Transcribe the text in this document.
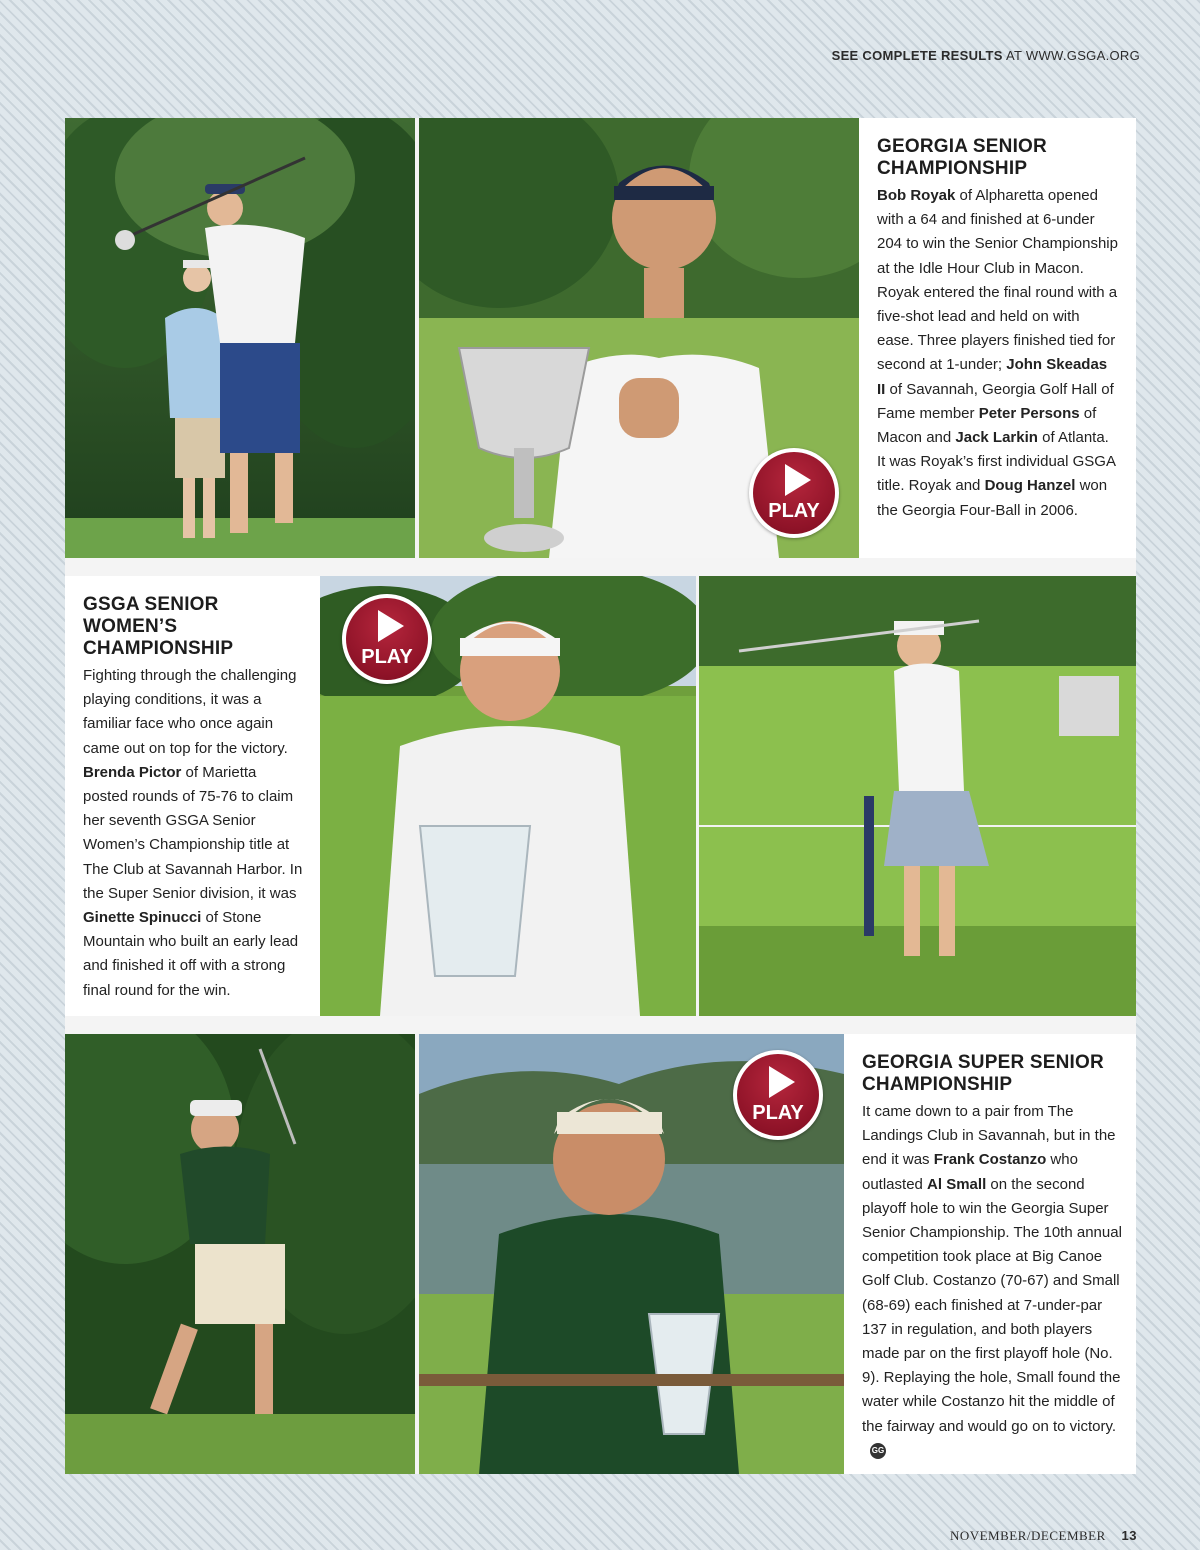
SEE COMPLETE RESULTS AT WWW.GSGA.ORG
PLAY
GEORGIA SENIOR
CHAMPIONSHIP
Bob Royak of Alpharetta opened with a 64 and finished at 6-under 204 to win the Senior Championship at the Idle Hour Club in Macon. Royak entered the final round with a five-shot lead and held on with ease. Three players finished tied for second at 1-under; John Skeadas II of Savannah, Georgia Golf Hall of Fame member Peter Persons of Macon and Jack Larkin of Atlanta. It was Royak’s first individual GSGA title. Royak and Doug Hanzel won the Georgia Four-Ball in 2006.
GSGA SENIOR
WOMEN’S
CHAMPIONSHIP
Fighting through the challenging playing conditions, it was a familiar face who once again came out on top for the victory. Brenda Pictor of Marietta posted rounds of 75-76 to claim her seventh GSGA Senior Women’s Championship title at The Club at Savannah Harbor. In the Super Senior division, it was Ginette Spinucci of Stone Mountain who built an early lead and finished it off with a strong final round for the win.
PLAY
PLAY
GEORGIA SUPER SENIOR
CHAMPIONSHIP
It came down to a pair from The Landings Club in Savannah, but in the end it was Frank Costanzo who outlasted Al Small on the second playoff hole to win the Georgia Super Senior Championship. The 10th annual competition took place at Big Canoe Golf Club. Costanzo (70-67) and Small (68-69) each finished at 7-under-par 137 in regulation, and both players made par on the first playoff hole (No. 9). Replaying the hole, Small found the water while Costanzo hit the middle of the fairway and would go on to victory.GG
NOVEMBER/DECEMBER 13
